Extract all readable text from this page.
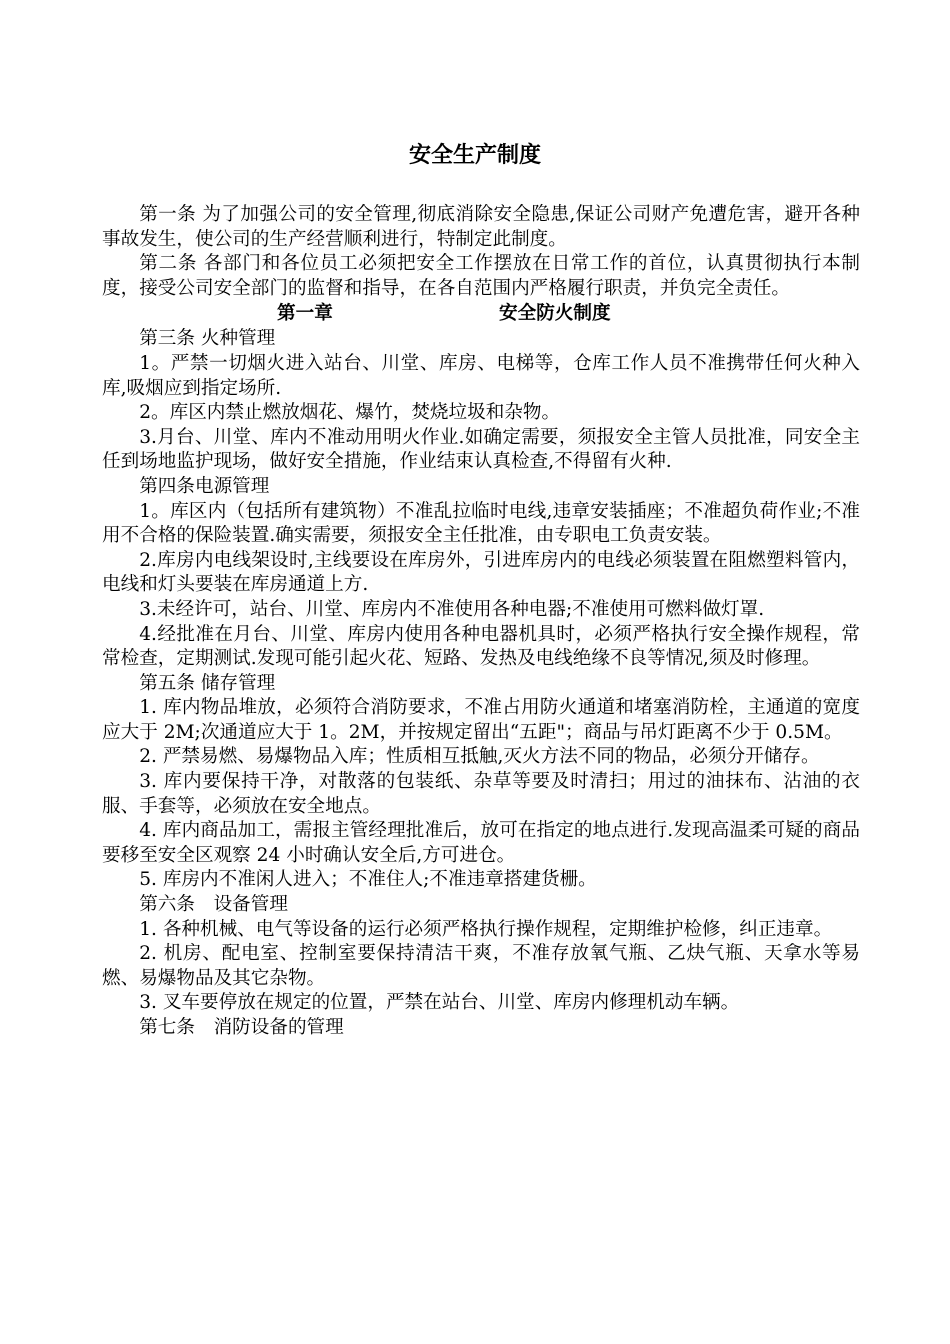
安全生产制度

第一条 为了加强公司的安全管理,彻底消除安全隐患,保证公司财产免遭危害，避开各种事故发生，使公司的生产经营顺利进行，特制定此制度。

第二条 各部门和各位员工必须把安全工作摆放在日常工作的首位，认真贯彻执行本制度，接受公司安全部门的监督和指导，在各自范围内严格履行职责，并负完全责任。

第一章	安全防火制度

第三条 火种管理

1。严禁一切烟火进入站台、川堂、库房、电梯等，仓库工作人员不准携带任何火种入库,吸烟应到指定场所.

2。库区内禁止燃放烟花、爆竹，焚烧垃圾和杂物。

3.月台、川堂、库内不准动用明火作业.如确定需要，须报安全主管人员批准，同安全主任到场地监护现场，做好安全措施，作业结束认真检查,不得留有火种.

第四条电源管理

1。库区内（包括所有建筑物）不准乱拉临时电线,违章安装插座；不准超负荷作业;不准用不合格的保险装置.确实需要，须报安全主任批准，由专职电工负责安装。

2.库房内电线架设时,主线要设在库房外，引进库房内的电线必须装置在阻燃塑料管内，电线和灯头要装在库房通道上方.

3.未经许可，站台、川堂、库房内不准使用各种电器;不准使用可燃料做灯罩.

4.经批准在月台、川堂、库房内使用各种电器机具时，必须严格执行安全操作规程，常常检查，定期测试.发现可能引起火花、短路、发热及电线绝缘不良等情况,须及时修理。

第五条 储存管理

1. 库内物品堆放，必须符合消防要求，不准占用防火通道和堵塞消防栓，主通道的宽度应大于 2M;次通道应大于 1。2M，并按规定留出“五距"；商品与吊灯距离不少于 0.5M。

2. 严禁易燃、易爆物品入库；性质相互抵触,灭火方法不同的物品，必须分开储存。

3. 库内要保持干净，对散落的包装纸、杂草等要及时清扫；用过的油抹布、沾油的衣服、手套等，必须放在安全地点。

4. 库内商品加工，需报主管经理批准后，放可在指定的地点进行.发现高温柔可疑的商品要移至安全区观察 24 小时确认安全后,方可进仓。

5. 库房内不准闲人进入；不准住人;不准违章搭建货栅。

第六条　设备管理

1. 各种机械、电气等设备的运行必须严格执行操作规程，定期维护检修，纠正违章。

2. 机房、配电室、控制室要保持清洁干爽，不准存放氧气瓶、乙炔气瓶、天拿水等易燃、易爆物品及其它杂物。

3. 叉车要停放在规定的位置，严禁在站台、川堂、库房内修理机动车辆。

第七条　消防设备的管理
